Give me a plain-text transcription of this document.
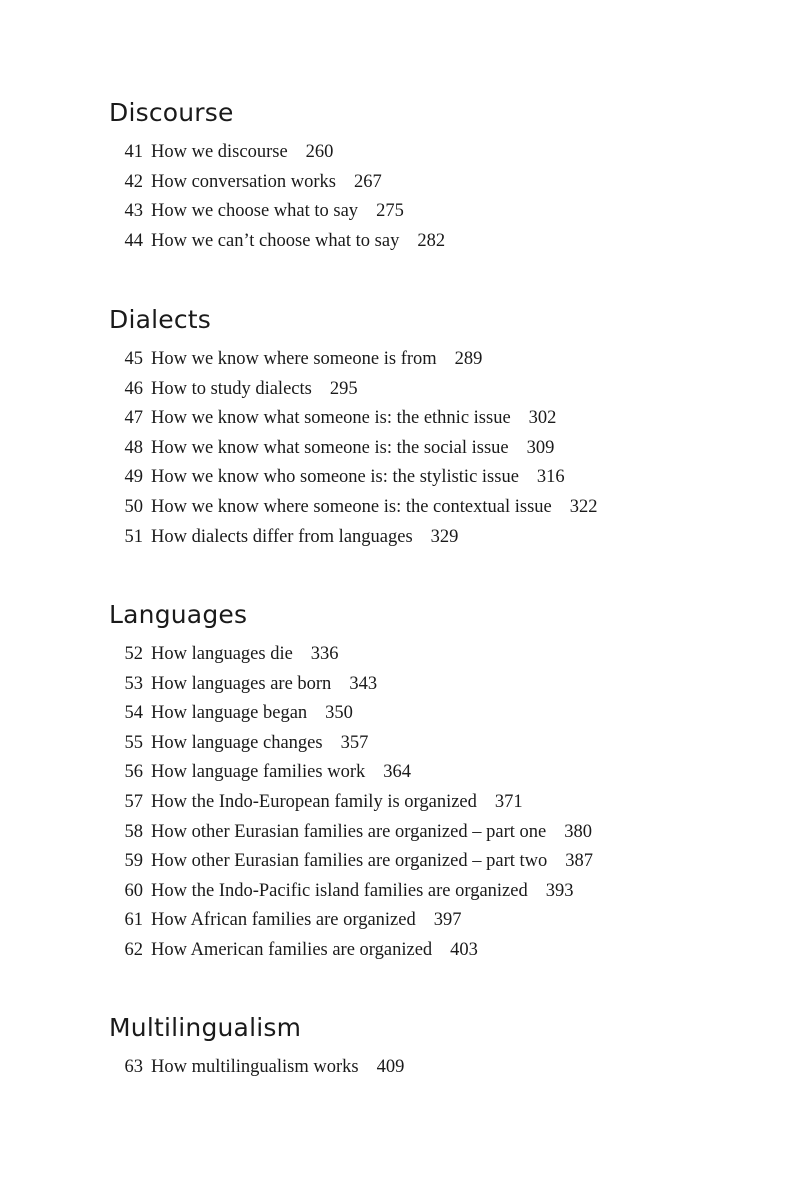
Discourse
41 How we discourse 260
42 How conversation works 267
43 How we choose what to say 275
44 How we can’t choose what to say 282
Dialects
45 How we know where someone is from 289
46 How to study dialects 295
47 How we know what someone is: the ethnic issue 302
48 How we know what someone is: the social issue 309
49 How we know who someone is: the stylistic issue 316
50 How we know where someone is: the contextual issue 322
51 How dialects differ from languages 329
Languages
52 How languages die 336
53 How languages are born 343
54 How language began 350
55 How language changes 357
56 How language families work 364
57 How the Indo-European family is organized 371
58 How other Eurasian families are organized – part one 380
59 How other Eurasian families are organized – part two 387
60 How the Indo-Pacific island families are organized 393
61 How African families are organized 397
62 How American families are organized 403
Multilingualism
63 How multilingualism works 409
